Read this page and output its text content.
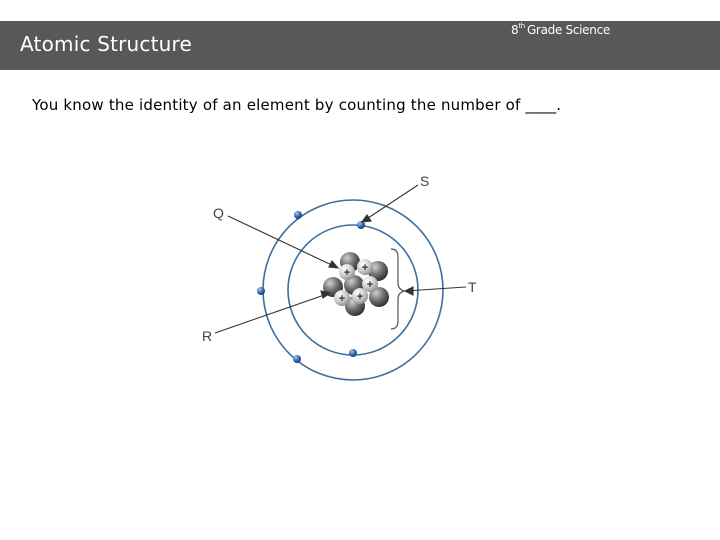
Atomic Structure
8th Grade Science
You know the identity of an element by counting the number of ____.
+ +
+
+ +
Q
R
S
T
